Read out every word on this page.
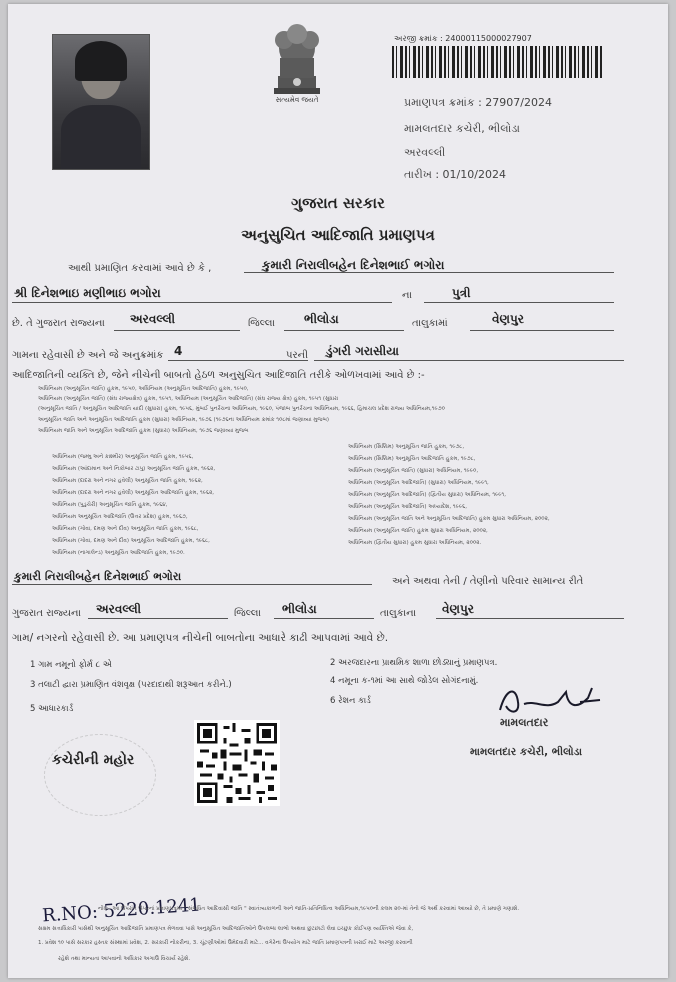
સત્યમેવ જયતે
અરજી ક્રમાંક : 24000115000027907
પ્રમાણપત્ર ક્રમાંક : 27907/2024
મામલતદાર કચેરી, ભીલોડા
અરવલ્લી
તારીખ : 01/10/2024
ગુજરાત સરકાર
અનુસુચિત આદિજાતિ પ્રમાણપત્ર
આથી પ્રમાણિત કરવામાં આવે છે કે ,	કુમારી નિરાલીબહેન દિનેશભાઈ ભગોરા
શ્રી દિનેશભાઇ મણીભાઇ ભગોરા	ના	પુત્રી
છે. તે ગુજરાત રાજ્યના અરવલ્લી	જિલ્લા ભીલોડા	તાલુકામાં	વેણપુર
ગામના રહેવાસી છે અને જે અનુક્રમાંક 4	પરની ડુંગરી ગરાસીયા
આદિજાતિની વ્યક્તિ છે, જેને નીચેની બાબતો હેઠળ અનુસુચિત આદિજાતિ તરીકે ઓળખવામાં આવે છે :-
અધિનિયમ (અનુસૂચિત જાતિ) હુકમ, ૧૯૫૦, અધિનિયમ (અનુસૂચિત આદિજાતિ) હુકમ, ૧૯૫૦,
અધિનિયમ (અનુસૂચિત જાતિ) (સંઘ રાજ્યક્ષેત્ર) હુકમ, ૧૯૫૧, અધિનિયમ (અનુસૂચિત આદિજાતિ) (સંઘ રાજ્ય ક્ષેત્ર) હુકમ, ૧૯૫૧ (સુધારા
(અનુસૂચિત જાતિ / અનુસૂચિત આદિજાતિ યાદી (સુધારા) હુકમ, ૧૯૫૬, મુંબઈ પુનર્રચના અધિનિયમ, ૧૯૬૦, પંજાબ પુનર્રચના અધિનિયમ, ૧૯૬૬, હિમાચલ પ્રદેશ રાજ્ય અધિનિયમ,૧૯૭૦
અનુસૂચિત જાતિ અને અનુસૂચિત આદિજાતિ હુકમ (સુધારા) અધિનિયમ, ૧૯૭૬ (૧૯૭૬ના અધિનિયમ ક્રમાંક ૧૦૮માં જણાવ્યા મુજબ)
અધિનિયમ જાતિ અને અનુસૂચિત આદિજાતિ હુકમ (સુધારા) અધિનિયમ, ૧૯૭૬ જણાવ્યા મુજબ
અધિનિયમ (જમ્મુ અને કાશ્મીર) અનુસૂચિત જાતિ હુકમ, ૧૯૫૬,
અધિનિયમ (આંદામાન અને નિકોબાર ટાપુ) અનુસૂચિત જાતિ હુકમ, ૧૯૬૨,
અધિનિયમ (દાદરા અને નગર હવેલી) અનુસૂચિત જાતિ હુકમ, ૧૯૬૨,
અધિનિયમ (દાદરા અને નગર હવેલી) અનુસૂચિત આદિજાતિ હુકમ, ૧૯૬૨,
અધિનિયમ (પુડુચેરી) અનુસૂચિત જાતિ હુકમ, ૧૯૬૪,
અધિનિયમ અનુસૂચિત આદિજાતિ (ઉત્તર પ્રદેશ) હુકમ, ૧૯૬૭,
અધિનિયમ (ગોવા, દમણ અને દીવ) અનુસૂચિત જાતિ હુકમ, ૧૯૬૮,
અધિનિયમ (ગોવા, દમણ અને દીવ) અનુસૂચિત આદિજાતિ હુકમ, ૧૯૬૮,
અધિનિયમ (નાગાલેન્ડ) અનુસૂચિત આદિજાતિ હુકમ, ૧૯૭૦.
અધિનિયમ (સિક્કિમ) અનુસૂચિત જાતિ હુકમ, ૧૯૭૮,
અધિનિયમ (સિક્કિમ) અનુસૂચિત આદિજાતિ હુકમ, ૧૯૭૮,
અધિનિયમ (અનુસૂચિત જાતિ) (સુધારા) અધિનિયમ, ૧૯૯૦,
અધિનિયમ (અનુસૂચિત આદિજાતિ) (સુધારા) અધિનિયમ, ૧૯૯૧,
અધિનિયમ (અનુસૂચિત આદિજાતિ) (દ્વિતીય સુધારા) અધિનિયમ, ૧૯૯૧,
અધિનિયમ (અનુસૂચિત આદિજાતિ) અધ્યાદેશ, ૧૯૯૬,
અધિનિયમ (અનુસૂચિત જાતિ અને અનુસૂચિત આદિજાતિ) હુકમ સુધારા અધિનિયમ, ૨૦૦૨,
અધિનિયમ (અનુસૂચિત જાતિ) હુકમ સુધારા અધિનિયમ, ૨૦૦૨,
અધિનિયમ (દ્વિતીય સુધારા) હુકમ સુધારા અધિનિયમ, ૨૦૦૨.
કુમારી નિરાલીબહેન દિનેશભાઈ ભગોરા	અને અથવા તેની / તેણીનો પરિવાર સામાન્ય રીતે
ગુજરાત રાજ્યના અરવલ્લી	જિલ્લા ભીલોડા	તાલુકાના વેણપુર
ગામ/ નગરનો રહેવાસી છે. આ પ્રમાણપત્ર નીચેની બાબતોના આધારે કાઢી આપવામાં આવે છે.
1 ગામ નમૂનો ફોર્મ ૮ એ	2 અરજદારના પ્રાથમિક શાળા છોડ્યાનું પ્રમાણપત્ર.
3 તલાટી દ્વારા પ્રમાણિત વંશવૃક્ષ (પરદાદાથી શરૂઆત કરીને.)	4 નમૂના ક-૧માં આ સાથે જોડેલ સોગંદનામું.
5 આધારકાર્ડ
6 રેશન કાર્ડ
મામલતદાર
મામલતદાર કચેરી, ભીલોડા
કચેરીની મહોર
R.NO: 5220.1241
નોંધ:- આ ઉપરાંત ઉપરનાં પ્રમાણપત્રમાં " સંબંધિત આદિવાસી જાતિ " સ્વાતંત્ર્યકાળની અને જાતિ-પ્રતિનિધિત્વ અધિનિયમ,૧૯૫૦ની કલમ ૨૦-માં તેનો જે અર્થ કરવામાં આવ્યો છે, તે પ્રમાણે ગણાશે.
સક્ષમ સત્તાધિકારી પાસેથી અનુસૂચિત આદિજાતિ પ્રમાણપત્ર મેળવવા પાસે અનુસૂચિત આદિજાતિઓને ઉપલબ્ધ લાભો અથવા છુટછાટો લેવા ઇચ્છુક કોઈપણ વ્યક્તિએ જેવા કે,
1. પ્રવેશ ૧૦ પાસે સરકાર હસ્તક સંસ્થામાં પ્રવેશ, 2. સરકારી નોકરીના, 3. ચૂંટણીઓમાં ઉમેદવારી માટે... વગેરેના ઉપયોગ માટે જાતિ પ્રમાણપત્રની ખરાઈ માટે અરજી કરવાની
રહેશે તથા માન્યતા આપવાનો અધિકાર અગાઉ વિચાર્ય રહેશે.
